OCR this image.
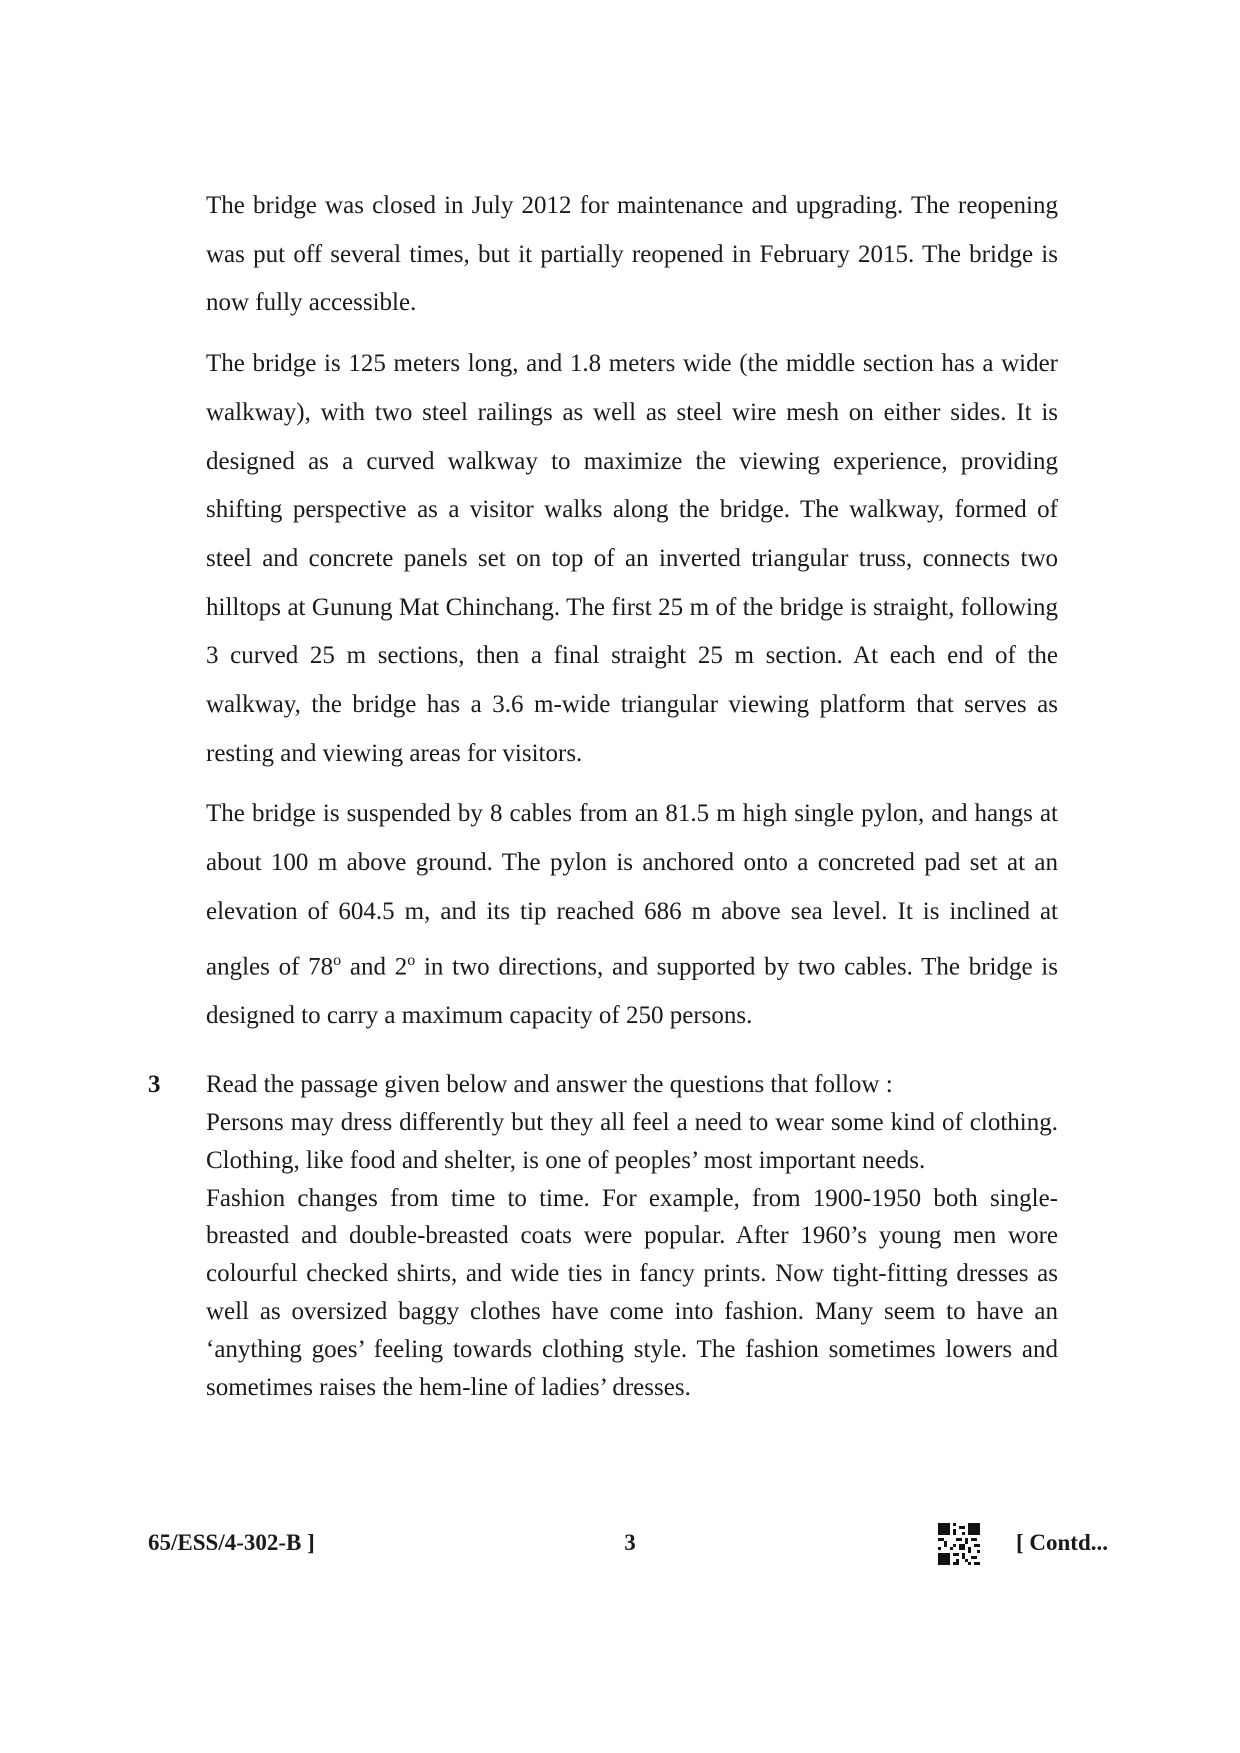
The bridge was closed in July 2012 for maintenance and upgrading. The reopening was put off several times, but it partially reopened in February 2015. The bridge is now fully accessible.

The bridge is 125 meters long, and 1.8 meters wide (the middle section has a wider walkway), with two steel railings as well as steel wire mesh on either sides. It is designed as a curved walkway to maximize the viewing experience, providing shifting perspective as a visitor walks along the bridge. The walkway, formed of steel and concrete panels set on top of an inverted triangular truss, connects two hilltops at Gunung Mat Chinchang. The first 25 m of the bridge is straight, following 3 curved 25 m sections, then a final straight 25 m section. At each end of the walkway, the bridge has a 3.6 m-wide triangular viewing platform that serves as resting and viewing areas for visitors.

The bridge is suspended by 8 cables from an 81.5 m high single pylon, and hangs at about 100 m above ground. The pylon is anchored onto a concreted pad set at an elevation of 604.5 m, and its tip reached 686 m above sea level. It is inclined at angles of 78$^o$ and 2$^o$ in two directions, and supported by two cables. The bridge is designed to carry a maximum capacity of 250 persons.

3 Read the passage given below and answer the questions that follow :

Persons may dress differently but they all feel a need to wear some kind of clothing. Clothing, like food and shelter, is one of peoples’ most important needs.

Fashion changes from time to time. For example, from 1900-1950 both single-breasted and double-breasted coats were popular. After 1960’s young men wore colourful checked shirts, and wide ties in fancy prints. Now tight-fitting dresses as well as oversized baggy clothes have come into fashion. Many seem to have an ‘anything goes’ feeling towards clothing style. The fashion sometimes lowers and sometimes raises the hem-line of ladies’ dresses.

65/ESS/4-302-B ]	3	[ Contd...
